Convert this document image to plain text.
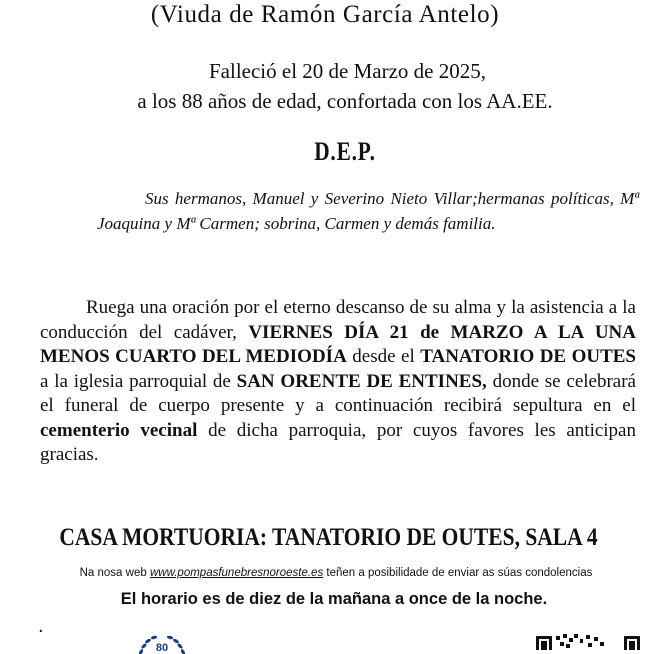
(Viuda de Ramón García Antelo)
Falleció el 20 de Marzo de 2025,
a los 88 años de edad, confortada con los AA.EE.
D.E.P.
Sus hermanos, Manuel y Severino Nieto Villar;hermanas políticas, Mª Joaquina y Mª Carmen; sobrina, Carmen y demás familia.
Ruega una oración por el eterno descanso de su alma y la asistencia a la conducción del cadáver, VIERNES DÍA 21 de MARZO A LA UNA MENOS CUARTO DEL MEDIODÍA desde el TANATORIO DE OUTES a la iglesia parroquial de SAN ORENTE DE ENTINES, donde se celebrará el funeral de cuerpo presente y a continuación recibirá sepultura en el cementerio vecinal de dicha parroquia, por cuyos favores les anticipan gracias.
CASA MORTUORIA: TANATORIO DE OUTES, SALA 4
Na nosa web www.pompasfunebresnoroeste.es teñen a posibilidade de enviar as súas condolencias
El horario es de diez de la mañana a once de la noche.
.
80
